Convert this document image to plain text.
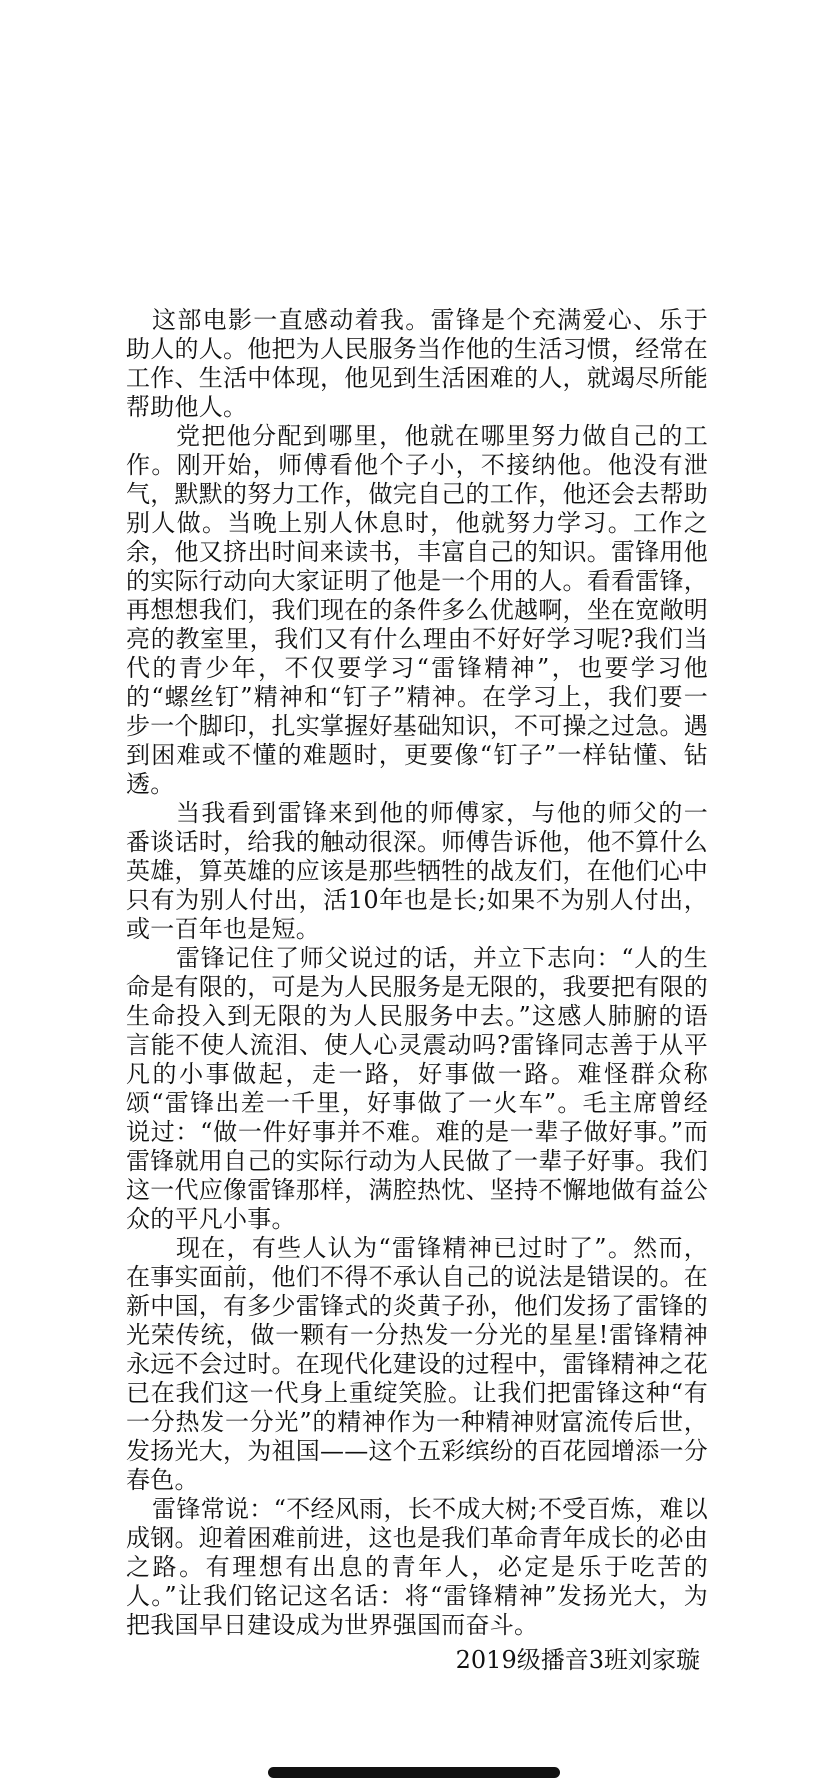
这部电影一直感动着我。雷锋是个充满爱心、乐于助人的人。他把为人民服务当作他的生活习惯，经常在工作、生活中体现，他见到生活困难的人，就竭尽所能帮助他人。

党把他分配到哪里，他就在哪里努力做自己的工作。刚开始，师傅看他个子小，不接纳他。他没有泄气，默默的努力工作，做完自己的工作，他还会去帮助别人做。当晚上别人休息时，他就努力学习。工作之余，他又挤出时间来读书，丰富自己的知识。雷锋用他的实际行动向大家证明了他是一个用的人。看看雷锋，再想想我们，我们现在的条件多么优越啊，坐在宽敞明亮的教室里，我们又有什么理由不好好学习呢?我们当代的青少年，不仅要学习“雷锋精神”，也要学习他的“螺丝钉”精神和“钉子”精神。在学习上，我们要一步一个脚印，扎实掌握好基础知识，不可操之过急。遇到困难或不懂的难题时，更要像“钉子”一样钻懂、钻透。

当我看到雷锋来到他的师傅家，与他的师父的一番谈话时，给我的触动很深。师傅告诉他，他不算什么英雄，算英雄的应该是那些牺牲的战友们，在他们心中只有为别人付出，活10年也是长;如果不为别人付出，或一百年也是短。

雷锋记住了师父说过的话，并立下志向：“人的生命是有限的，可是为人民服务是无限的，我要把有限的生命投入到无限的为人民服务中去。”这感人肺腑的语言能不使人流泪、使人心灵震动吗?雷锋同志善于从平凡的小事做起，走一路，好事做一路。难怪群众称颂“雷锋出差一千里，好事做了一火车”。毛主席曾经说过：“做一件好事并不难。难的是一辈子做好事。”而雷锋就用自己的实际行动为人民做了一辈子好事。我们这一代应像雷锋那样，满腔热忱、坚持不懈地做有益公众的平凡小事。

现在，有些人认为“雷锋精神已过时了”。然而，在事实面前，他们不得不承认自己的说法是错误的。在新中国，有多少雷锋式的炎黄子孙，他们发扬了雷锋的光荣传统，做一颗有一分热发一分光的星星!雷锋精神永远不会过时。在现代化建设的过程中，雷锋精神之花已在我们这一代身上重绽笑脸。让我们把雷锋这种“有一分热发一分光”的精神作为一种精神财富流传后世，发扬光大，为祖国——这个五彩缤纷的百花园增添一分春色。

雷锋常说：“不经风雨，长不成大树;不受百炼，难以成钢。迎着困难前进，这也是我们革命青年成长的必由之路。有理想有出息的青年人，必定是乐于吃苦的人。”让我们铭记这名话：将“雷锋精神”发扬光大，为把我国早日建设成为世界强国而奋斗。

2019级播音3班刘家璇
